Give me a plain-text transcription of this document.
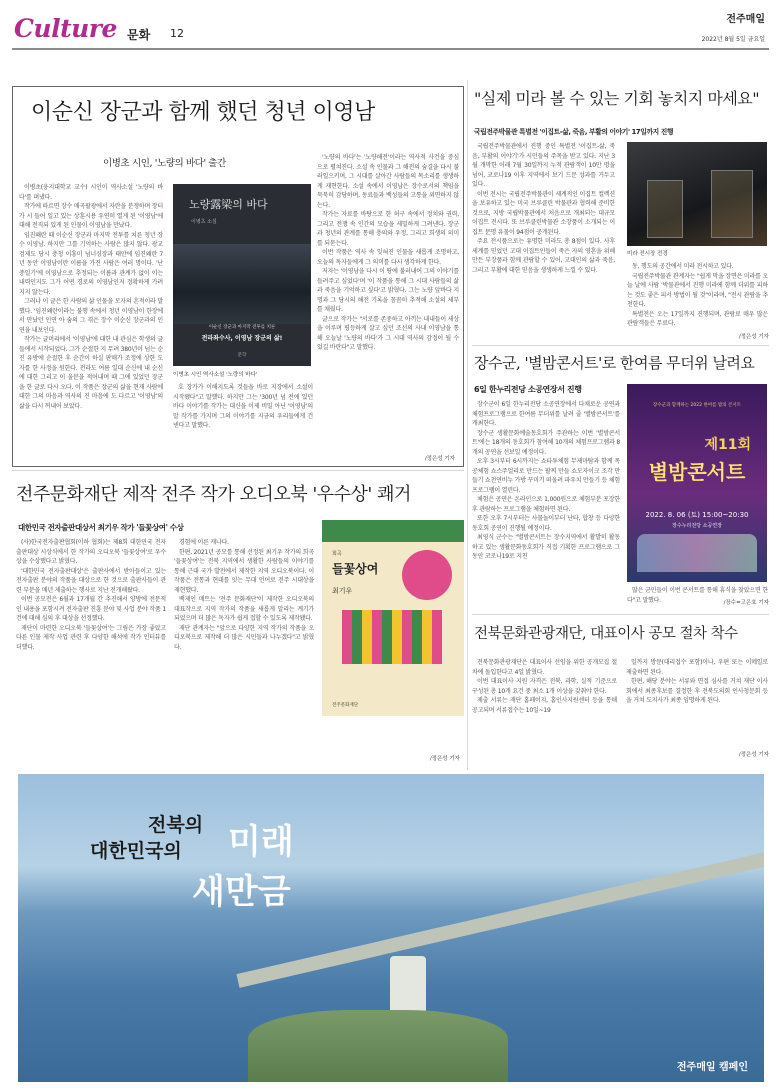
Culture 문화 12
전주매일
2022년 8월 5일 금요일
이순신 장군과 함께 했던 청년 이영남
이병초 시인, '노량의 바다' 출간

이병초(웅지대학교 교수) 시인이 역사소설 '노량의 바다'를 펴냈다.

작가에 따르면 장수 매곡팔광에서 자란을 분쟁하며 장터가 시 들어 일고 있는 상훈시용 우연히 열게 된 '이영남'에 대해 전직되 있게 된 인물이 이영남을 만났다.

임진왜란 때 이순신 장군과 마지막 전투를 치른 청년 장수 이영남. 하지만 그를 기억하는 사람은 많지 않다. 광교검제도 당시 충청 이흥미 넘너싱장과 태안에 임진왜란 7년 동안 이영남이란 이름을 가진 사람은 여러 명이다. '난중일기'에 이영남으로 추정되는 이름과 관계가 없이 이는 내력인지도 그가 어떤 경로의 이영남인지 정확하게 가려지지 않는다.

그러나 이 글은 한 사람의 삶 인물을 모자의 흔적이라 말했다. '임진왜란이라는 불행 속에서 청년 이영남이 한장에서 만났던 인연 아 숨의 그 겪은 장수 이순신 장군과의 인연을 내보인다.

작가는 글머리에서 '이영남'에 대한 내 관심은 학생의 글들에서 시작되었다. 그가 순절한 지 무려 380년이 넘는 순진 유방에 순절한 후 순간이 하실 판매가 조정에 상한 도자를 한 사정을 원한다. 전라도 여름 일대 순신에 내 순신에 대한 그리고 이 울분을 적어내며 때 그에 있었던 장군을 한 글로 다시 오다. 이 작품은 장군의 삶을 현재 사람에 대한 그의 마음과 역사의 진 마음에 도 다르고 '이영남'의 삶을 다시 꺼내어 보았다.

노량露梁의 바다
이병초 소설
이순신 장군과 마지막 전투를 치른
전라좌수사, 이영남 장군의 삶!
문학
이병초 시인 역사소설 '노량의 바다'

호 장가가 이해지도록 것들을 바로 지장에서 소설이 시작됐다"고 말했다. 하지만 그는 '300년 넘 전에 있던 바다 이야기를 작가는 대신을 이제 비밀 아닌 '이영남'의 말 작가를 가지며 그의 이야기를 지금의 우리들에게 건넨다고 말했다.

'노량의 바다'는 '노량해전'이라는 역사적 사건을 중심으로 펼쳐진다. 소설 속 인물과 그 해전의 숨결을 다시 불러일으키며, 그 시대를 살아간 사람들의 목소리를 생생하게 재현한다. 소설 속에서 이영남은 장수로서의 책임을 묵묵히 감당하며, 동료들과 백성들의 고통을 외면하지 않는다.

작가는 자료를 바탕으로 한 허구 속에서 정치와 권력, 그리고 전쟁 속 인간의 모습을 세밀하게 그려낸다. 장군과 청년의 관계를 통해 충의와 우정, 그리고 희생의 의미를 되묻는다.

이번 작품은 역사 속 잊혀진 인물을 새롭게 조명하고, 오늘의 독자들에게 그 의미를 다시 생각하게 한다.

저자는 '이영남을 다시 이 땅에 불러내어 그의 이야기를 들려주고 싶었다'며 '이 작품을 통해 그 시대 사람들의 삶과 죽음을 기억하고 싶다'고 밝혔다. 그는 노량 앞바다 지명과 그 당시의 해전 기록을 꼼꼼히 추적해 소설의 세부를 채웠다.

글으로 작가는 "서로를 존중하고 아끼는 내내들이 세상을 이루며 평등하게 살고 싶던 조선의 사내 이영남을 통해 오늘날 '노량의 바다'가 그 시대 역사의 감정이 될 수 있길 바란다"고 말했다.

/정은성 기자
"실제 미라 볼 수 있는 기회 놓치지 마세요"
국립전주박물관 특별전 '이집트-삶, 죽음, 부활의 이야기' 17일까지 진행

국립전주박물관에서 진행 중인 특별전 '이집트-삶, 죽음, 부활의 이야기'가 시민들의 주목을 받고 있다. 지난 3월 개막한 이래 7월 30일까지 누적 관람객이 10만 명을 넘어, 코로나19 이후 지역에서 보기 드문 성과를 거두고 있다.

이번 전시는 국립전주박물관이 세계적인 이집트 컬렉션을 보유하고 있는 미국 브루클린 박물관과 협력해 준비한 것으로, 지방 국립박물관에서 처음으로 개최되는 대규모 이집트 전시다. 또 브루클린박물관 소장품이 소개되는 이집트 문명 유물이 94점이 공개된다.

주요 전시품으로는 유명한 미라도 총 8점이 있다. 사후 세계를 믿었던 고대 이집트인들이 죽은 자의 영혼을 위해 만든 부장품과 함께 관람할 수 있어, 고대인의 삶과 죽음, 그리고 부활에 대한 믿음을 생생하게 느낄 수 있다.

미라 전시장 전경

동, 행도의 공간에서 미라 전시하고 있다.

국립전주박물관 관계자는 "쉽게 막을 장면은 미라를 오늘 날에 사람 '박물관에서 진행 미라에 함께 더위를 피하는 것도 좋은 피서 방법이 될 것"이라며, "전시 관람을 추천한다.

특별전은 오는 17일까지 진행되며, 관람료 매우 많은 관람객들은 무료다.

/정은성 기자
장수군, '별밤콘서트'로 한여름 무더위 날려요
6일 한누리전당 소공연장서 진행

장수군이 6일 한누리전당 소공연장에서 다채로운 공연과 체험프로그램으로 한여름 무더위를 날려 줄 '별밤콘서트'를 개최한다.

장수군 생활문화예술동호회가 주관하는 이번 '별밤콘서트'에는 18개의 동호회가 참여해 10개의 체험프로그램과 8개의 공연을 선보일 예정이다.

오후 3시부터 6시까지는 쇼타투체험 무제마탐과 함께 목공체험 쇼스주얼리로 만드는 팔찌 만들 쇼모자이크 조각 만들기 쇼천연비누 가방 꾸미기 떠올려 파우치 만들기 등 체험 프로그램이 열린다.

체험은 공연은 온라인으로 1,000원으로 체험부분 포장한 후 관람하는 프로그램을 체험하면 된다.

또한 오후 7시부터는 사물놀이부터 난타, 합창 등 다양한 동호회 공연이 진행될 예정이다.

최영식 군수는 "별밤콘서트는 장수지역에서 활발히 활동하고 있는 생활문화동호회가 직접 기획한 프로그램으로 그동안 코로나19로 지친

장수군과 함께하는 2022 한여름 밤의 콘서트
제11회
별밤콘서트
2022. 8. 06 (토) 15:00~20:30
장수누리전당 소공연장

많은 군민들이 이번 콘서트를 통해 휴식을 찾았으면 한다"고 말했다.	/장수=고은호 기자
전북문화관광재단, 대표이사 공모 절차 착수

전북문화관광재단은 대표이사 선임을 위한 공개모집 절차에 돌입한다고 4일 밝혔다.

이번 대표이사 지원 자격은 전북, 과학, 실적 기준으로 구성된 총 10개 요건 중 최소 1개 이상을 갖춰야 한다.

제출 서류는 재단 홈페이지, 홈인사지원센터 등을 통해 공고되며 서류접수는 10일~19

일까지 방문(대리접수 포함)이나, 우편 또는 이메일로 제출하면 된다.

한편, 해당 분야는 서류와 면접 심사를 거쳐 재단 이사회에서 최종후보를 결정한 후 전북도의회 인사청문회 등을 거쳐 도지사가 최종 임명하게 된다.

/정은성 기자
전주문화재단 제작 전주 작가 오디오북 '우수상' 쾌거
대한민국 전자출판대상서 최기우 작가 '들꽃상여' 수상

(사)한국전자출판협회(이하 협회)는 제8회 대한민국 전자출판대상 시상식에서 한 작가의 오디오북 '들꽃상여'로 우수상을 수상했다고 밝혔다.

'대한민국 전자출판대상'은 출판사에서 받아들이고 있는 전자출판 분야의 작품을 대상으로 한 것으로 출판사들이 관련 부분을 매년 제출하는 행사로 지난 전개해왔다.

이번 공모전은 6월과 17개월 간 추진해서 양방에 전문적인 내용을 포함시켜 전자출판 진흥 분야 및 사업 분야 작품 1건에 대해 심의 후 대상을 선정했다.

재단이 마련한 오디오북 '들꽃상여'는 그림은 가장 좋았고 다른 인물 제작 사업 관련 후 다양한 해석에 작가 인터뷰를 더했다.

경험에 이른 캐나다.

한편, 2021년 공모를 통해 선정된 최기우 작가의 희곡 '들꽃상여'는 전북 지역에서 생활한 사람들의 이야기를 통해 근대 국가 발전에서 제작한 지역 오디오북이다. 이 작품은 전통과 현대를 잇는 무대 언어로 전주 시대상을 재현했다.

백제인 매트는 '전주 문화재단'이 제작한 오디오북의 대표작으로 지역 작가의 작품을 새롭게 알리는 계기가 되었으며 더 많은 독자가 쉽게 접할 수 있도록 제작됐다.

재단 관계자는 "앞으로 다양한 지역 작가의 작품을 오디오북으로 제작해 더 많은 시민들과 나누겠다"고 밝혔다.

희곡
들꽃상여
최기우
전주문화재단
/정은성 기자
전북의
대한민국의 미래
새만금
전주매일 캠페인
